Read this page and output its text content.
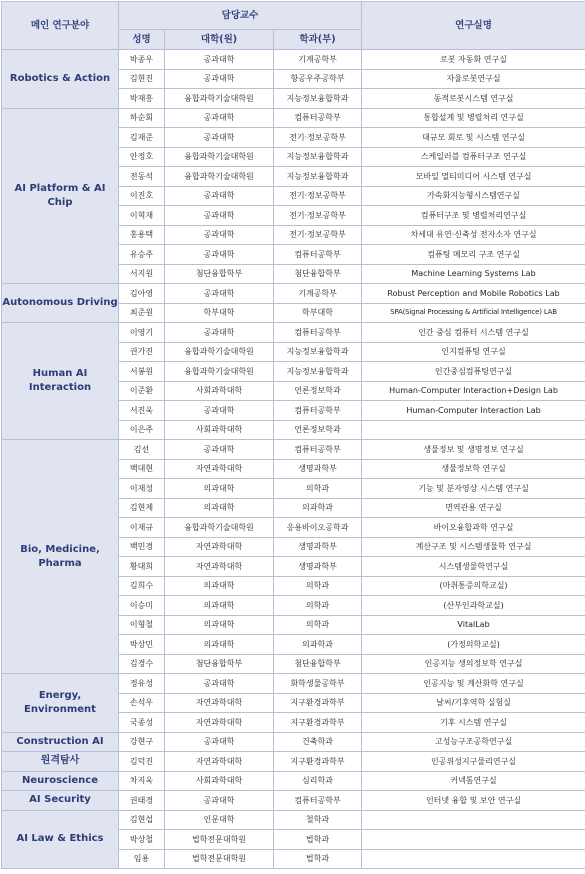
메인 연구분야	담당교수			연구실명
	성명	대학(원)	학과(부)	
Robotics & Action	박종우	공과대학	기계공학부	로봇 자동화 연구실
	김현진	공과대학	항공우주공학부	자율로봇연구실
	박재흥	융합과학기술대학원	지능정보융합학과	동적로봇시스템 연구실
AI Platform & AI Chip	하순회	공과대학	컴퓨터공학부	통합설계 및 병렬처리 연구실
	김재준	공과대학	전기·정보공학부	대규모 회로 및 시스템 연구실
	안정호	융합과학기술대학원	지능정보융합학과	스케일러블 컴퓨터구조 연구실
	전동석	융합과학기술대학원	지능정보융합학과	모바일 멀티미디어 시스템 연구실
	이진호	공과대학	전기·정보공학부	가속화지능형시스템연구실
	이혁재	공과대학	전기·정보공학부	컴퓨터구조 및 병렬처리연구실
	홍용택	공과대학	전기·정보공학부	차세대 유연·신축성 전자소자 연구실
	유승주	공과대학	컴퓨터공학부	컴퓨팅 메모리 구조 연구실
	서지원	첨단융합학부	첨단융합학부	Machine Learning Systems Lab
Autonomous Driving	김아영	공과대학	기계공학부	Robust Perception and Mobile Robotics Lab
	최준원	학부대학	학부대학	SPA(Signal Processing & Artificial Intelligence) LAB
Human AI Interaction	이영기	공과대학	컴퓨터공학부	인간 중심 컴퓨터 시스템 연구실
	권가진	융합과학기술대학원	지능정보융합학과	인지컴퓨팅 연구실
	서봉원	융합과학기술대학원	지능정보융합학과	인간중심컴퓨팅연구실
	이준환	사회과학대학	언론정보학과	Human-Computer Interaction+Design Lab
	서진욱	공과대학	컴퓨터공학부	Human-Computer Interaction Lab
	이은주	사회과학대학	언론정보학과	
Bio, Medicine, Pharma	김선	공과대학	컴퓨터공학부	생물정보 및 생명정보 연구실
	백대현	자연과학대학	생명과학부	생물정보학 연구실
	이재성	의과대학	의학과	기능 및 분자영상 시스템 연구실
	김현제	의과대학	의과학과	면역관용 연구실
	이재규	융합과학기술대학원	응용바이오공학과	바이오융합과학 연구실
	백민경	자연과학대학	생명과학부	계산구조 및 시스템생물학 연구실
	황대희	자연과학대학	생명과학부	시스템생물학연구실
	김희수	의과대학	의학과	(마취통증의학교실)
	이승미	의과대학	의학과	(산부인과학교실)
	이형철	의과대학	의학과	VitalLab
	박상민	의과대학	의과학과	(가정의학교실)
	김경수	첨단융합학부	첨단융합학부	인공지능 생의정보학 연구실
Energy, Environment	정유성	공과대학	화학생물공학부	인공지능 및 계산화학 연구실
	손석우	자연과학대학	지구환경과학부	날씨/기후역학 실험실
	국종성	자연과학대학	지구환경과학부	기후 시스템 연구실
Construction AI	강현구	공과대학	건축학과	고성능구조공학연구실
원격탐사	김덕진	자연과학대학	지구환경과학부	인공위성지구물리연구실
Neuroscience	차지욱	사회과학대학	심리학과	커넥톰연구실
AI Security	권태경	공과대학	컴퓨터공학부	인터넷 융합 및 보안 연구실
AI Law & Ethics	김현섭	인문대학	철학과	
	박상철	법학전문대학원	법학과	
	임용	법학전문대학원	법학과	
